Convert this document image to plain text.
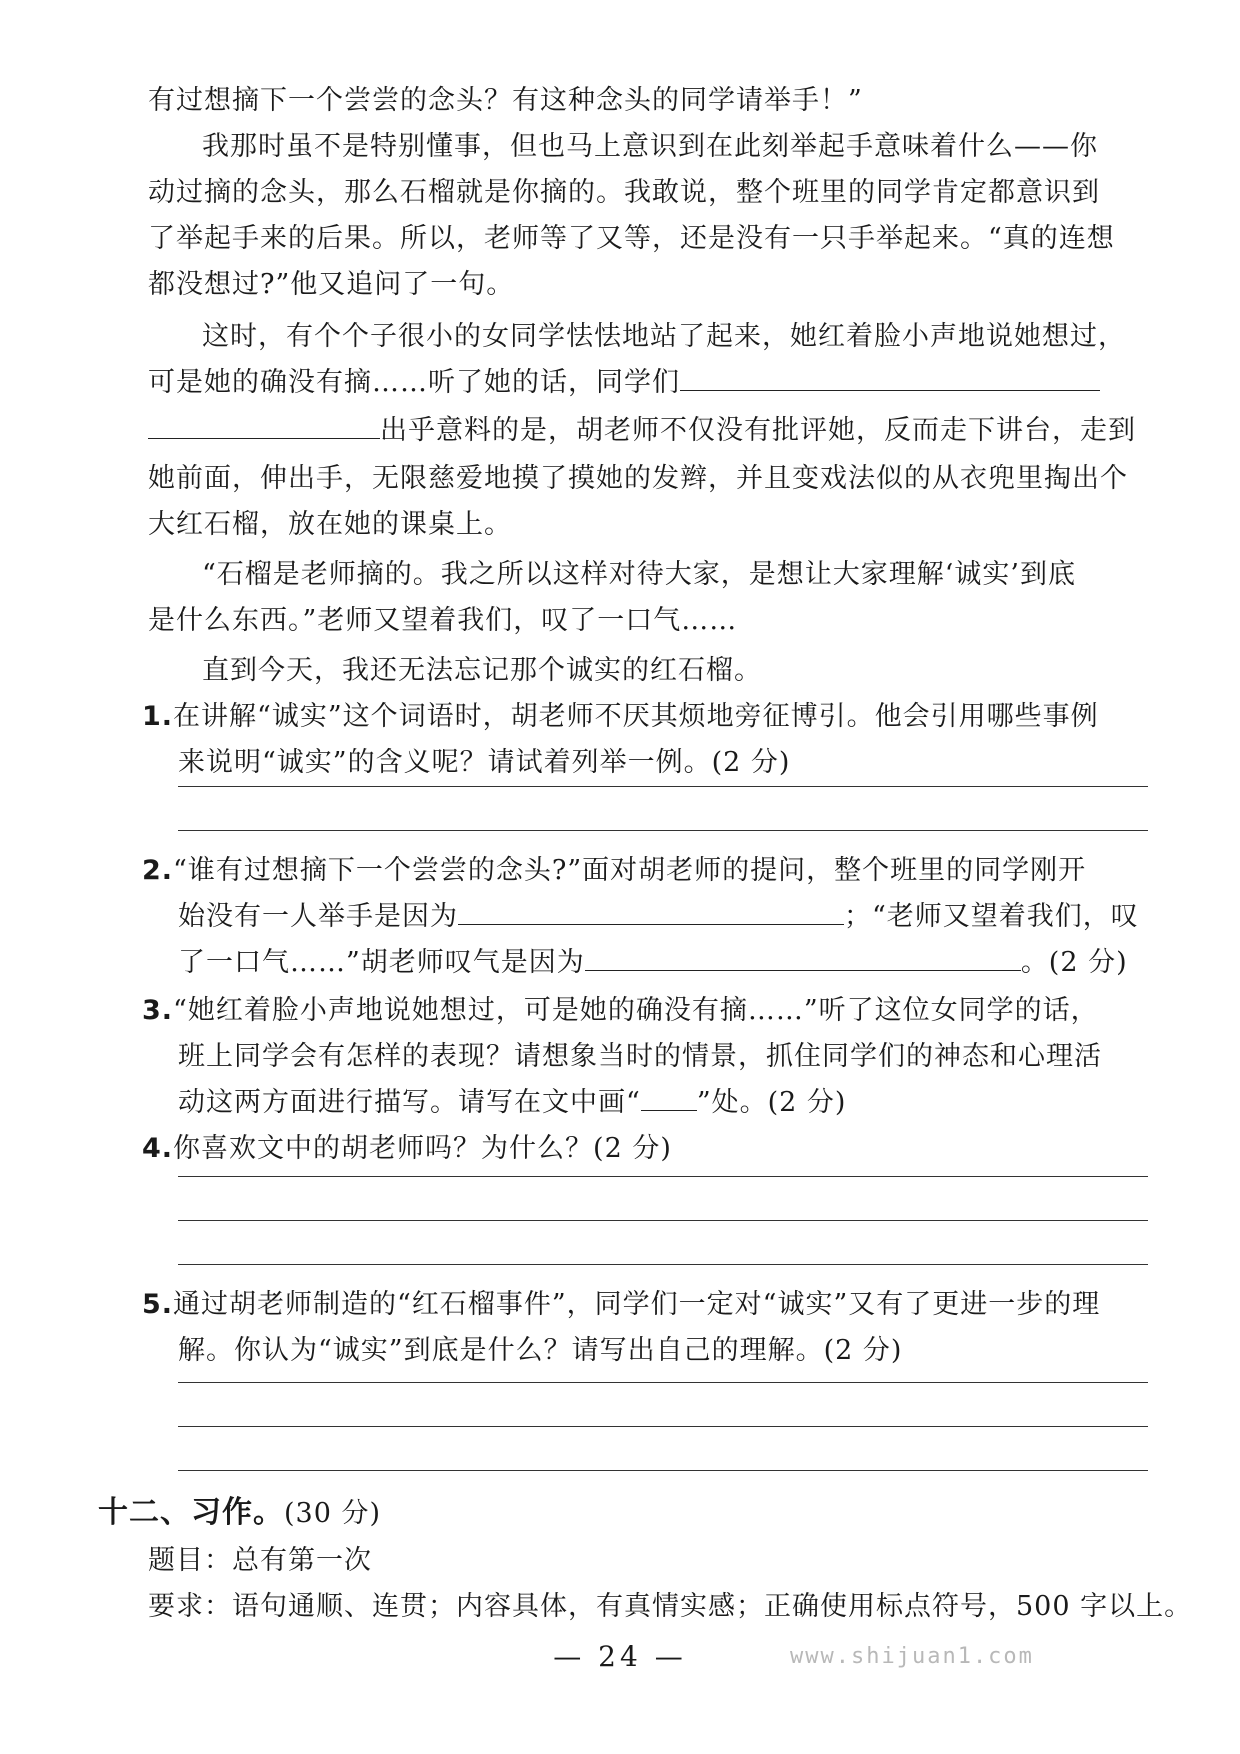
有过想摘下一个尝尝的念头？有这种念头的同学请举手！”
我那时虽不是特别懂事，但也马上意识到在此刻举起手意味着什么——你
动过摘的念头，那么石榴就是你摘的。我敢说，整个班里的同学肯定都意识到
了举起手来的后果。所以，老师等了又等，还是没有一只手举起来。“真的连想
都没想过?”他又追问了一句。
这时，有个个子很小的女同学怯怯地站了起来，她红着脸小声地说她想过，
可是她的确没有摘……听了她的话，同学们
出乎意料的是，胡老师不仅没有批评她，反而走下讲台，走到
她前面，伸出手，无限慈爱地摸了摸她的发辫，并且变戏法似的从衣兜里掏出个
大红石榴，放在她的课桌上。
“石榴是老师摘的。我之所以这样对待大家，是想让大家理解‘诚实’到底
是什么东西。”老师又望着我们，叹了一口气……
直到今天，我还无法忘记那个诚实的红石榴。
1.在讲解“诚实”这个词语时，胡老师不厌其烦地旁征博引。他会引用哪些事例
来说明“诚实”的含义呢？请试着列举一例。(2 分)
2.“谁有过想摘下一个尝尝的念头?”面对胡老师的提问，整个班里的同学刚开
始没有一人举手是因为	；“老师又望着我们，叹
了一口气……”胡老师叹气是因为	。(2 分)
3.“她红着脸小声地说她想过，可是她的确没有摘……”听了这位女同学的话，
班上同学会有怎样的表现？请想象当时的情景，抓住同学们的神态和心理活
动这两方面进行描写。请写在文中画“ ”处。(2 分)
4.你喜欢文中的胡老师吗？为什么？(2 分)
5.通过胡老师制造的“红石榴事件”，同学们一定对“诚实”又有了更进一步的理
解。你认为“诚实”到底是什么？请写出自己的理解。(2 分)
十二、习作。(30 分)
题目：总有第一次
要求：语句通顺、连贯；内容具体，有真情实感；正确使用标点符号，500 字以上。
— 24 —	www.shijuan1.com
